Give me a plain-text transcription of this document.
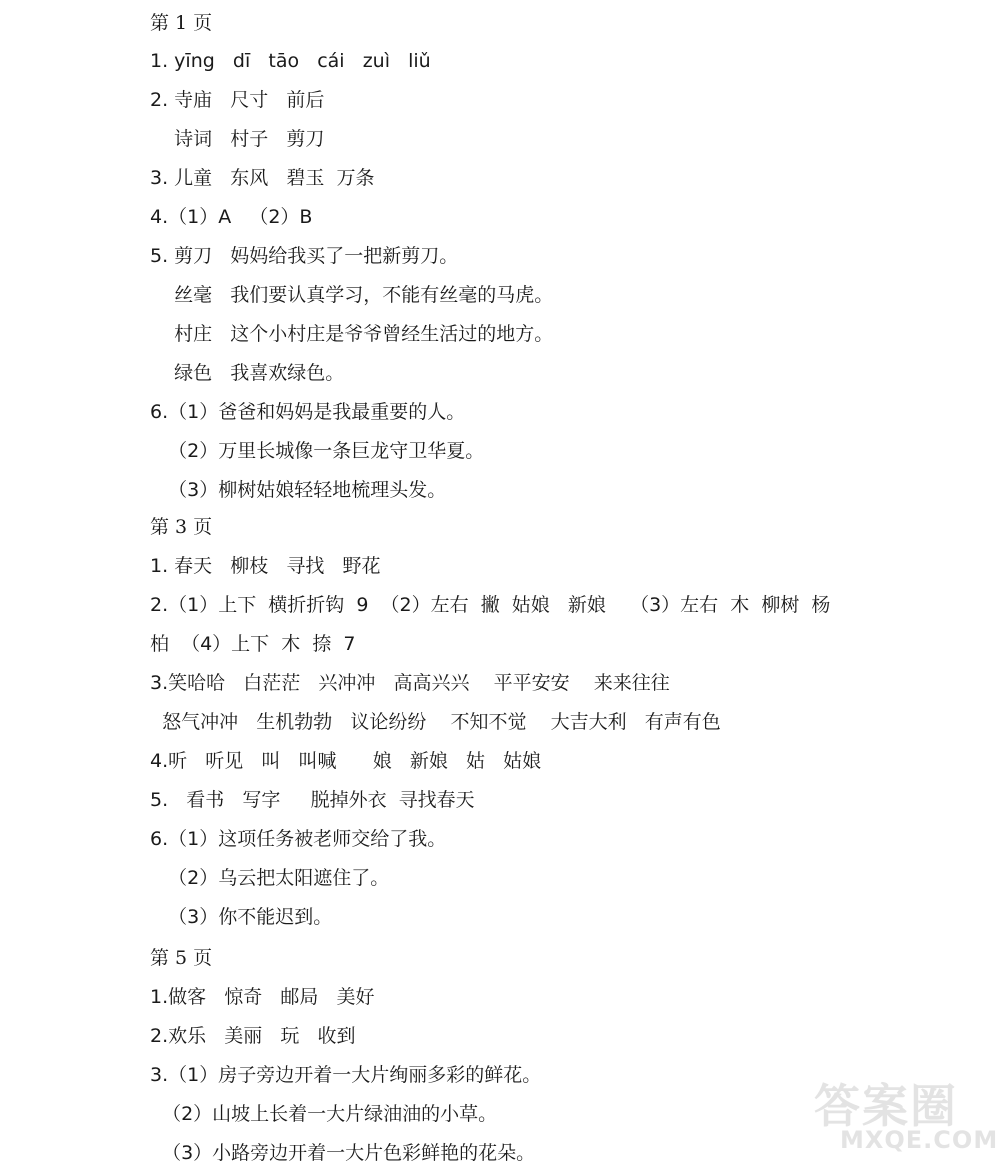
第 1 页
1. yīng   dī   tāo   cái   zuì   liǔ
2. 寺庙   尺寸   前后
诗词   村子   剪刀
3. 儿童   东风   碧玉  万条
4.（1）A   （2）B
5. 剪刀   妈妈给我买了一把新剪刀。
丝毫   我们要认真学习，不能有丝毫的马虎。
村庄   这个小村庄是爷爷曾经生活过的地方。
绿色   我喜欢绿色。
6.（1）爸爸和妈妈是我最重要的人。
（2）万里长城像一条巨龙守卫华夏。
（3）柳树姑娘轻轻地梳理头发。
第 3 页
1. 春天   柳枝   寻找   野花
2.（1）上下  横折折钩  9  （2）左右  撇  姑娘   新娘    （3）左右  木  柳树  杨
柏  （4）上下  木  捺  7
3.笑哈哈   白茫茫   兴冲冲   高高兴兴    平平安安    来来往往
怒气冲冲   生机勃勃   议论纷纷    不知不觉    大吉大利   有声有色
4.听   听见   叫   叫喊      娘   新娘   姑   姑娘
5.   看书   写字     脱掉外衣  寻找春天
6.（1）这项任务被老师交给了我。
（2）乌云把太阳遮住了。
（3）你不能迟到。
第 5 页
1.做客   惊奇   邮局   美好
2.欢乐   美丽   玩   收到
3.（1）房子旁边开着一大片绚丽多彩的鲜花。
（2）山坡上长着一大片绿油油的小草。
（3）小路旁边开着一大片色彩鲜艳的花朵。
答案圈
MXQE.COM
